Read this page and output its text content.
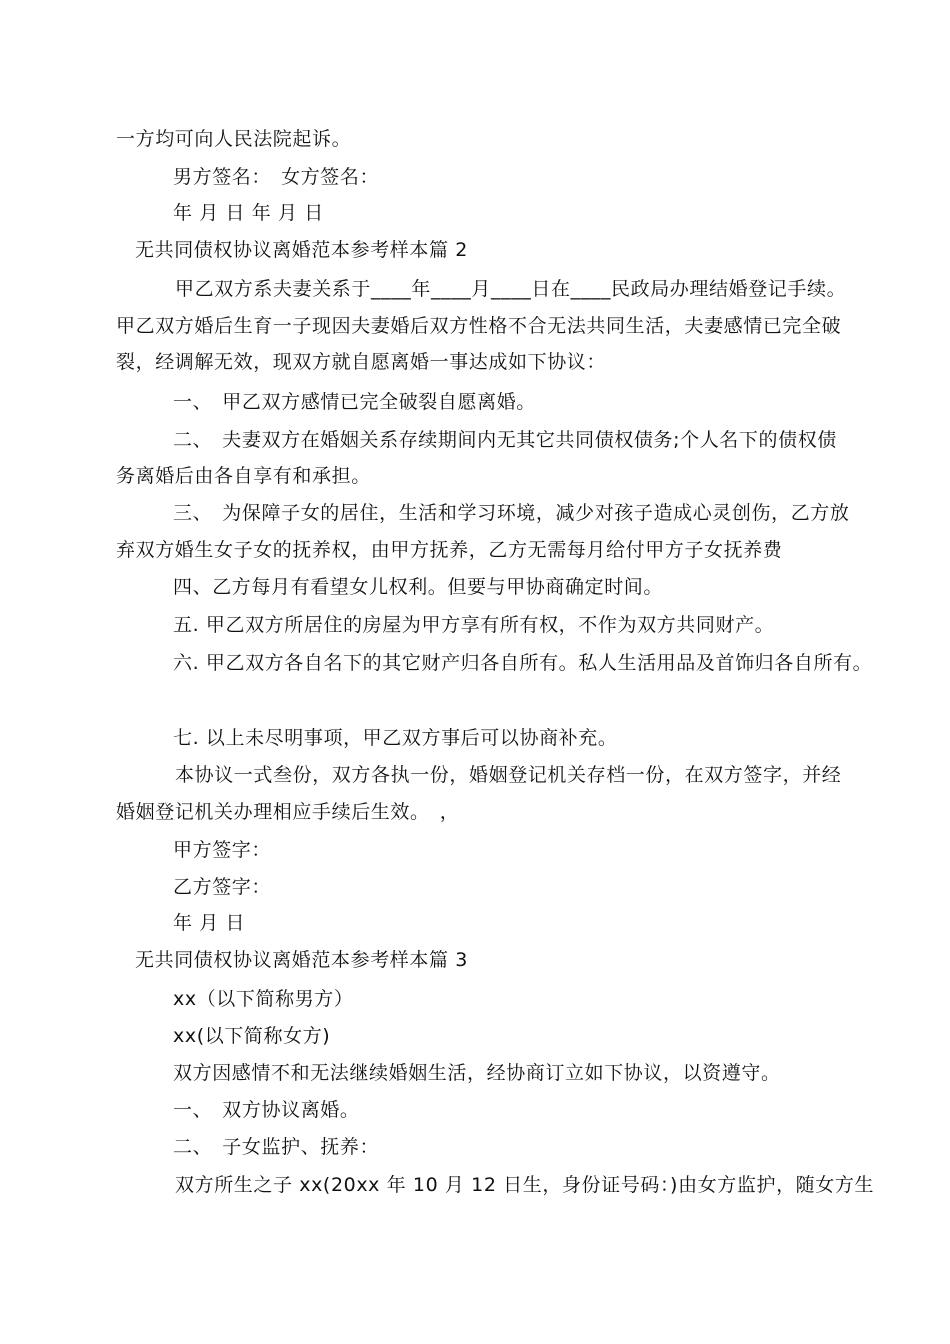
一方均可向人民法院起诉。
男方签名：　女方签名：
年 月 日 年 月 日
无共同债权协议离婚范本参考样本篇 2
甲乙双方系夫妻关系于____年____月____日在____民政局办理结婚登记手续。
甲乙双方婚后生育一子现因夫妻婚后双方性格不合无法共同生活，夫妻感情已完全破
裂，经调解无效，现双方就自愿离婚一事达成如下协议：
一、　甲乙双方感情已完全破裂自愿离婚。
二、　夫妻双方在婚姻关系存续期间内无其它共同债权债务;个人名下的债权债
务离婚后由各自享有和承担。
三、　为保障子女的居住，生活和学习环境，减少对孩子造成心灵创伤，乙方放
弃双方婚生女子女的抚养权，由甲方抚养，乙方无需每月给付甲方子女抚养费
四、乙方每月有看望女儿权利。但要与甲协商确定时间。
五. 甲乙双方所居住的房屋为甲方享有所有权，不作为双方共同财产。
六. 甲乙双方各自名下的其它财产归各自所有。私人生活用品及首饰归各自所有。
七. 以上未尽明事项，甲乙双方事后可以协商补充。
本协议一式叁份，双方各执一份，婚姻登记机关存档一份，在双方签字，并经
婚姻登记机关办理相应手续后生效。　，
甲方签字：
乙方签字：
年 月 日
无共同债权协议离婚范本参考样本篇 3
xx（以下简称男方）
xx(以下简称女方)
双方因感情不和无法继续婚姻生活，经协商订立如下协议，以资遵守。
一、　双方协议离婚。
二、　子女监护、抚养：
双方所生之子 xx(20xx 年 10 月 12 日生，身份证号码：)由女方监护，随女方生
